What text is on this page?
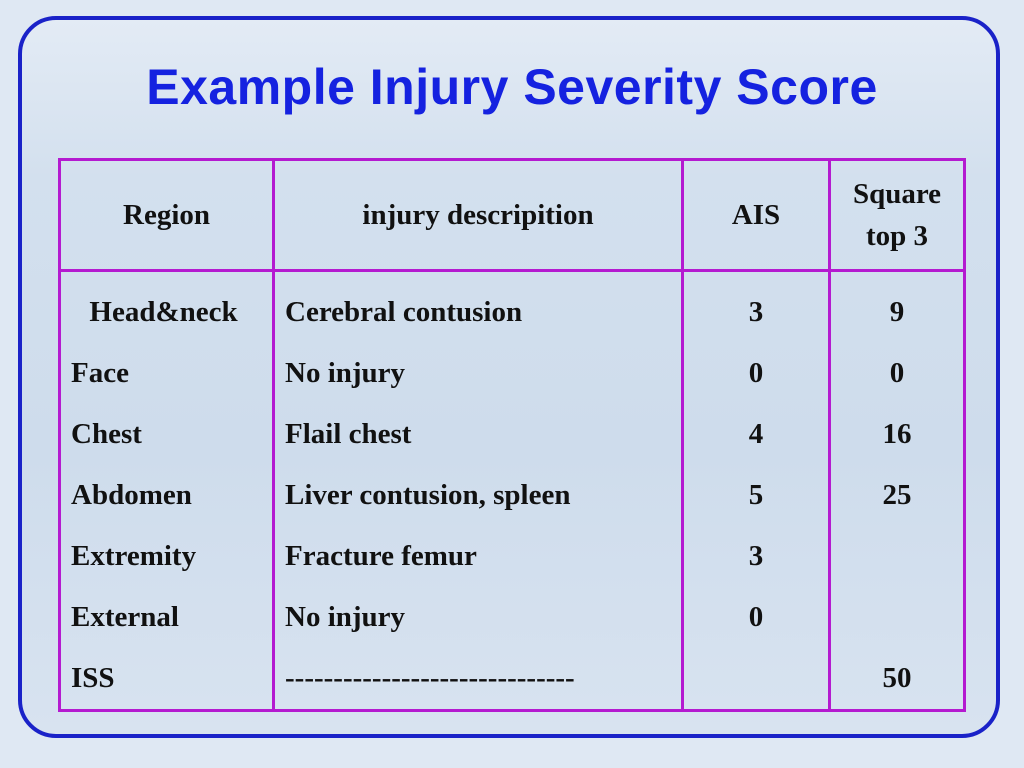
Example Injury Severity Score
Region	injury descripition	AIS	Square
top 3
Head&neck	Cerebral contusion	3	9
Face	No injury	0	0
Chest	Flail chest	4	16
Abdomen	Liver contusion, spleen	5	25
Extremity	Fracture femur	3	
External	No injury	0	
ISS	------------------------------		50
